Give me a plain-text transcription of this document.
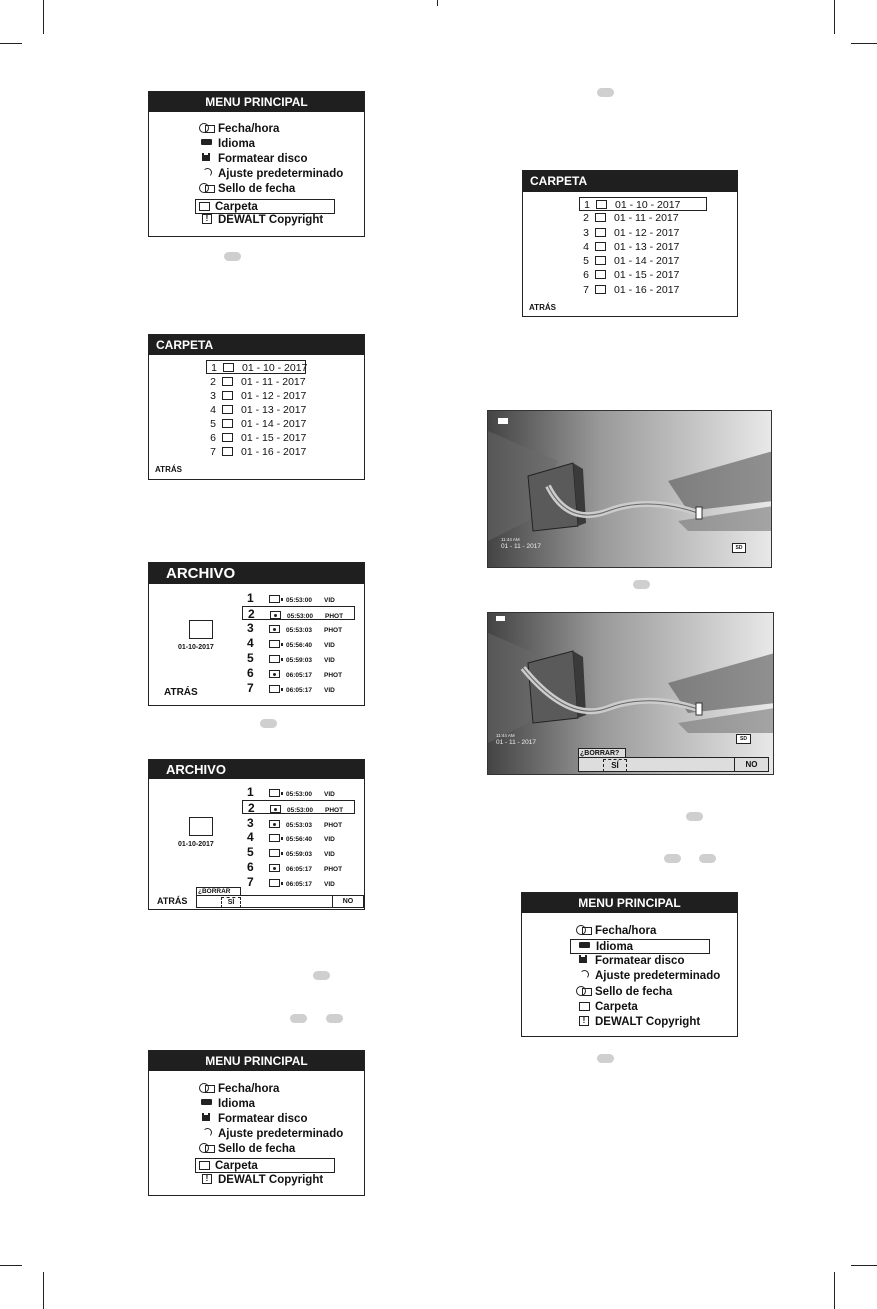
MENU PRINCIPAL
Fecha/hora
Idioma
Formatear disco
Ajuste predeterminado
Sello de fecha
Carpeta
!DEWALT Copyright
CARPETA
1 01 - 10 - 2017
2 01 - 11 - 2017
3 01 - 12 - 2017
4 01 - 13 - 2017
5 01 - 14 - 2017
6 01 - 15 - 2017
7 01 - 16 - 2017
ATRÁS
ARCHIVO
01-10-2017
ATRÁS
1	05:53:00 VID
2	05:53:00 PHOT
3	05:53:03 PHOT
4	05:56:40 VID
5	05:59:03 VID
6	06:05:17 PHOT
7	06:05:17 VID
ARCHIVO
01-10-2017
1	05:53:00 VID
2	05:53:00 PHOT
3	05:53:03 PHOT
4	05:56:40 VID
5	05:59:03 VID
6	06:05:17 PHOT
7	06:05:17 VID
ATRÁS
¿BORRAR
SÍ	NO
MENU PRINCIPAL
Fecha/hora
Idioma
Formatear disco
Ajuste predeterminado
Sello de fecha
Carpeta
!DEWALT Copyright
CARPETA
1 01 - 10 - 2017
2 01 - 11 - 2017
3 01 - 12 - 2017
4 01 - 13 - 2017
5 01 - 14 - 2017
6 01 - 15 - 2017
7 01 - 16 - 2017
ATRÁS
11:44 AM
01 - 11 - 2017	SD
11:44 AM
01 - 11 - 2017	SD
¿BORRAR?
SÍ	NO
MENU PRINCIPAL
Fecha/hora
Idioma
Formatear disco
Ajuste predeterminado
Sello de fecha
Carpeta
!DEWALT Copyright
